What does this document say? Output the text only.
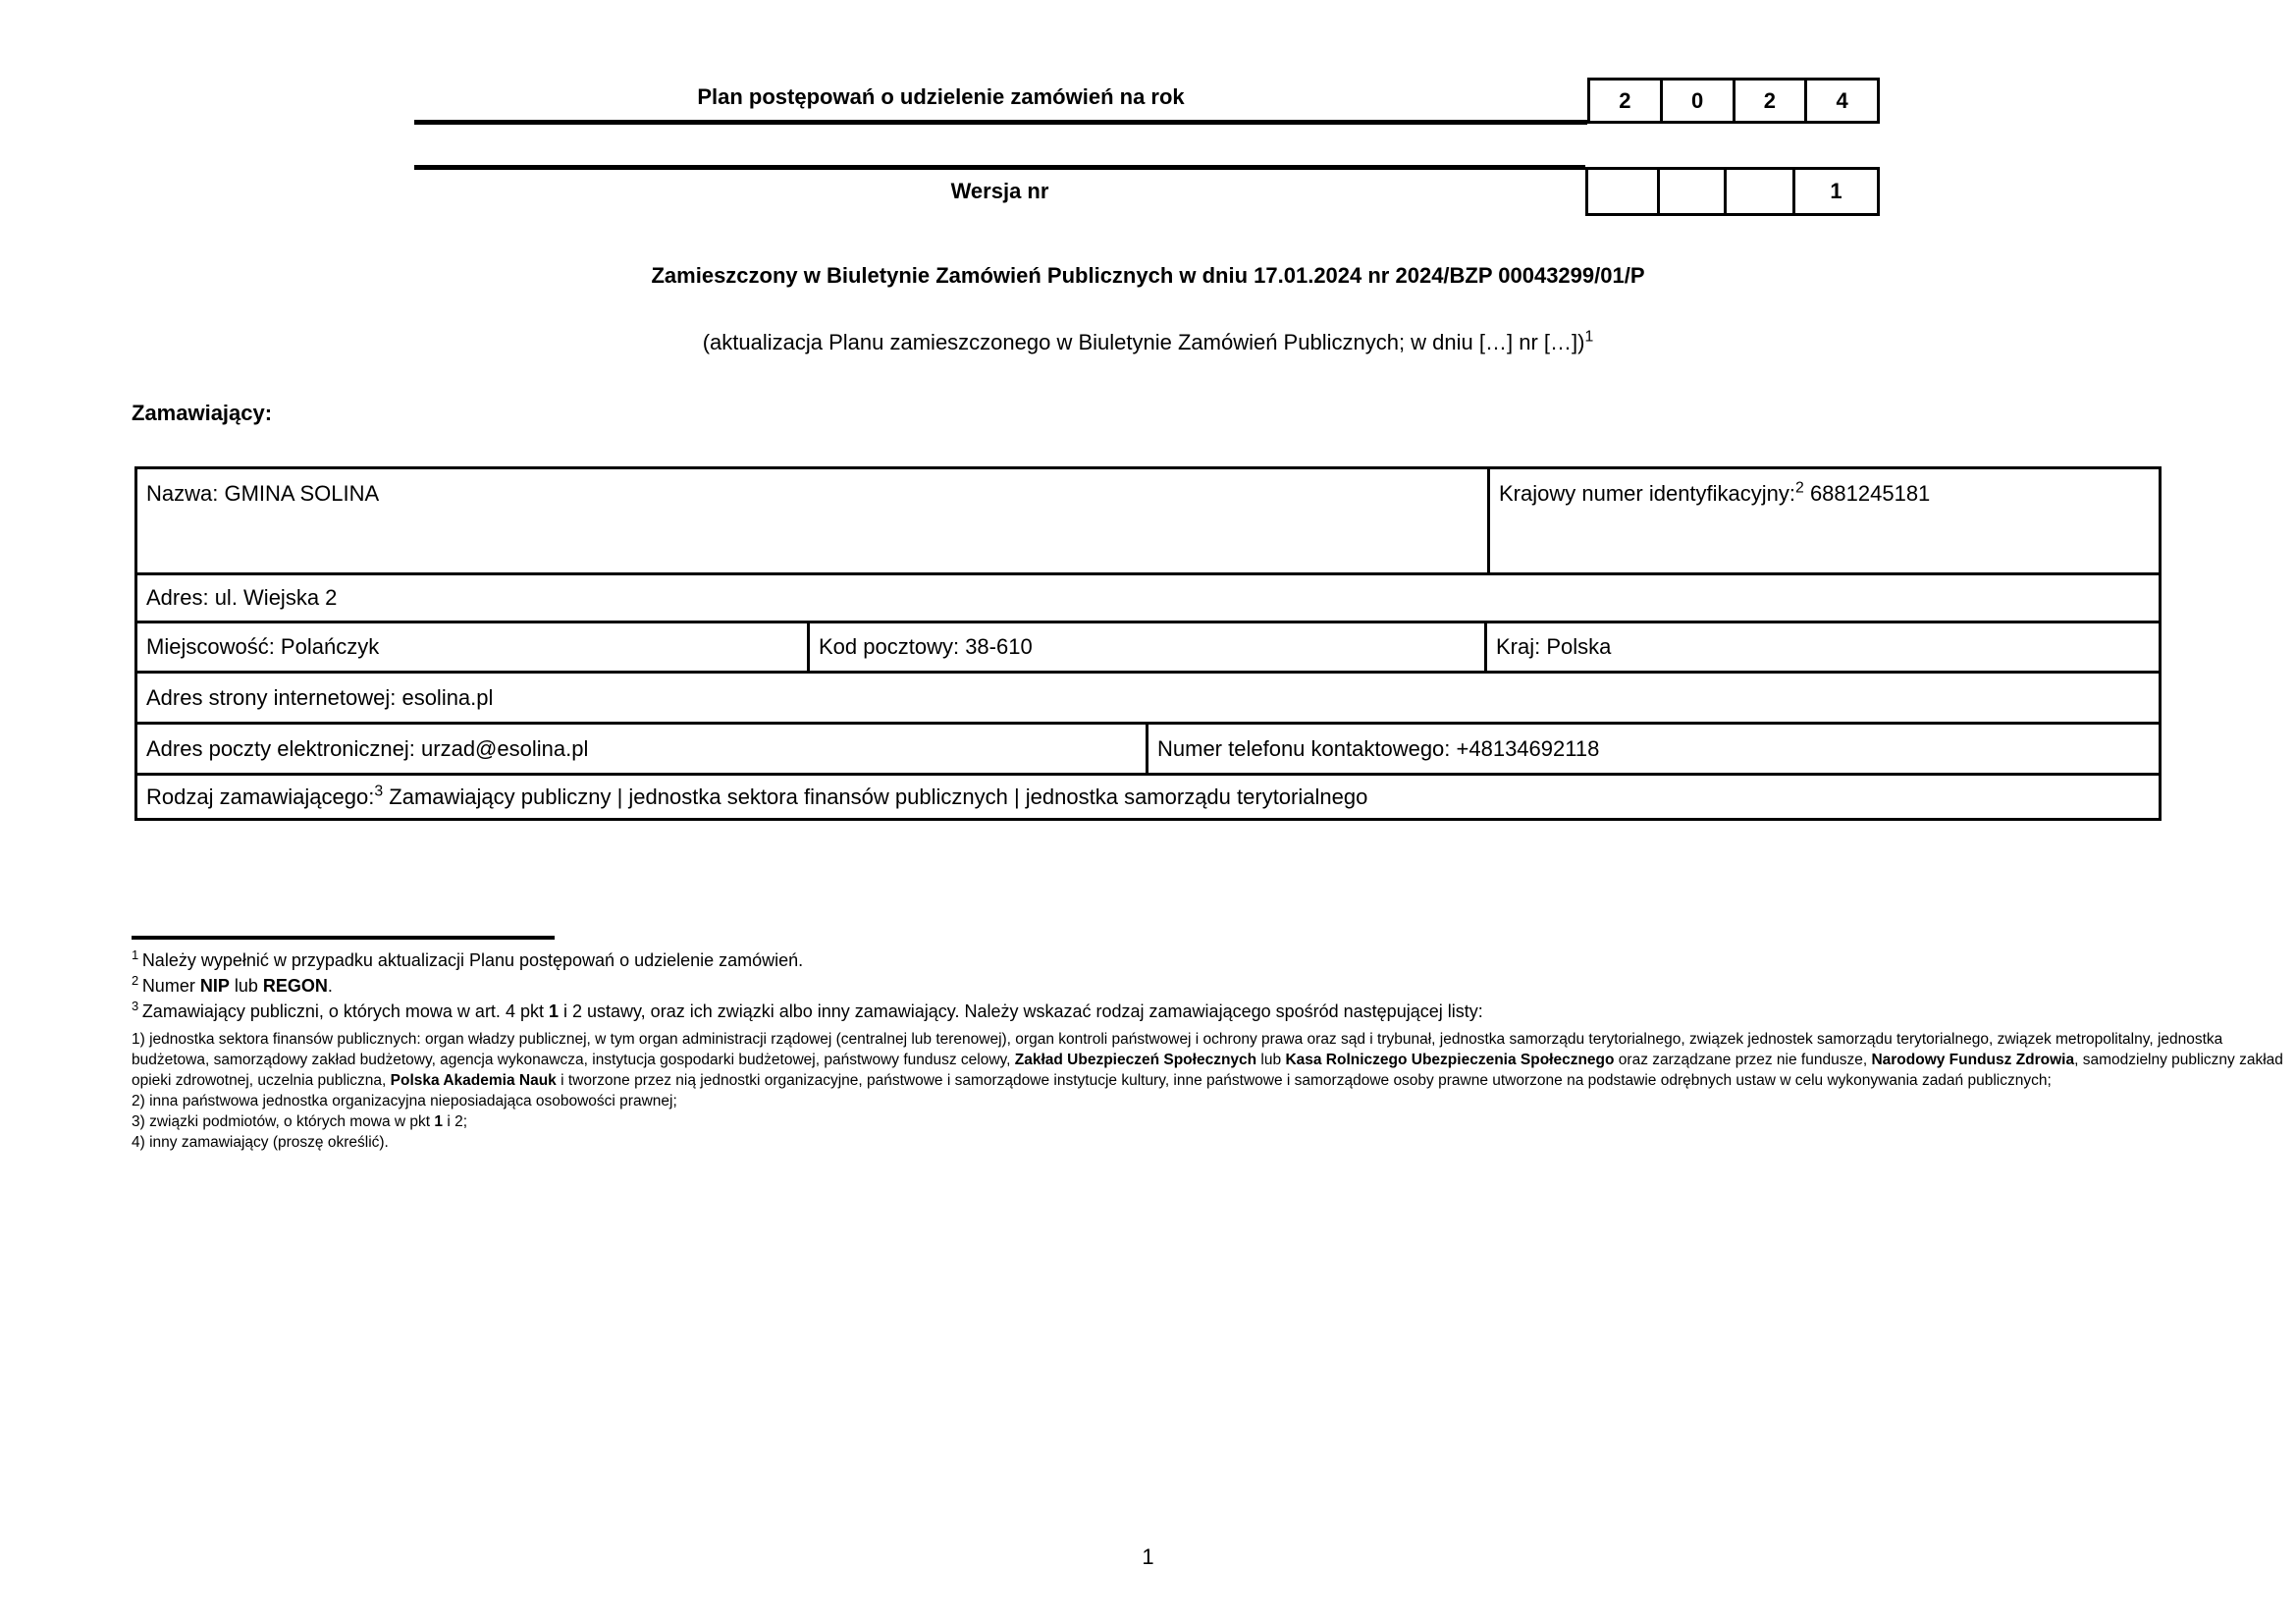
Plan postępowań o udzielenie zamówień na rok	2	0	2	4
Wersja nr	1
Zamieszczony w Biuletynie Zamówień Publicznych w dniu 17.01.2024 nr 2024/BZP 00043299/01/P
(aktualizacja Planu zamieszczonego w Biuletynie Zamówień Publicznych; w dniu […] nr […])$^1$
Zamawiający:
Nazwa: GMINA SOLINA	Krajowy numer identyfikacyjny:$^2$ 6881245181
Adres: ul. Wiejska 2
Miejscowość: Polańczyk	Kod pocztowy: 38-610	Kraj: Polska
Adres strony internetowej: esolina.pl
Adres poczty elektronicznej: urzad@esolina.pl	Numer telefonu kontaktowego: +48134692118
Rodzaj zamawiającego:$^3$ Zamawiający publiczny | jednostka sektora finansów publicznych | jednostka samorządu terytorialnego
$^1$ Należy wypełnić w przypadku aktualizacji Planu postępowań o udzielenie zamówień.
$^2$ Numer NIP lub REGON.
$^3$ Zamawiający publiczni, o których mowa w art. 4 pkt 1 i 2 ustawy, oraz ich związki albo inny zamawiający. Należy wskazać rodzaj zamawiającego spośród następującej listy:
1) jednostka sektora finansów publicznych: organ władzy publicznej, w tym organ administracji rządowej (centralnej lub terenowej), organ kontroli państwowej i ochrony prawa oraz sąd i trybunał, jednostka samorządu terytorialnego, związek jednostek samorządu terytorialnego, związek metropolitalny, jednostka
budżetowa, samorządowy zakład budżetowy, agencja wykonawcza, instytucja gospodarki budżetowej, państwowy fundusz celowy, Zakład Ubezpieczeń Społecznych lub Kasa Rolniczego Ubezpieczenia Społecznego oraz zarządzane przez nie fundusze, Narodowy Fundusz Zdrowia, samodzielny publiczny zakład
opieki zdrowotnej, uczelnia publiczna, Polska Akademia Nauk i tworzone przez nią jednostki organizacyjne, państwowe i samorządowe instytucje kultury, inne państwowe i samorządowe osoby prawne utworzone na podstawie odrębnych ustaw w celu wykonywania zadań publicznych;
2) inna państwowa jednostka organizacyjna nieposiadająca osobowości prawnej;
3) związki podmiotów, o których mowa w pkt 1 i 2;
4) inny zamawiający (proszę określić).
1
